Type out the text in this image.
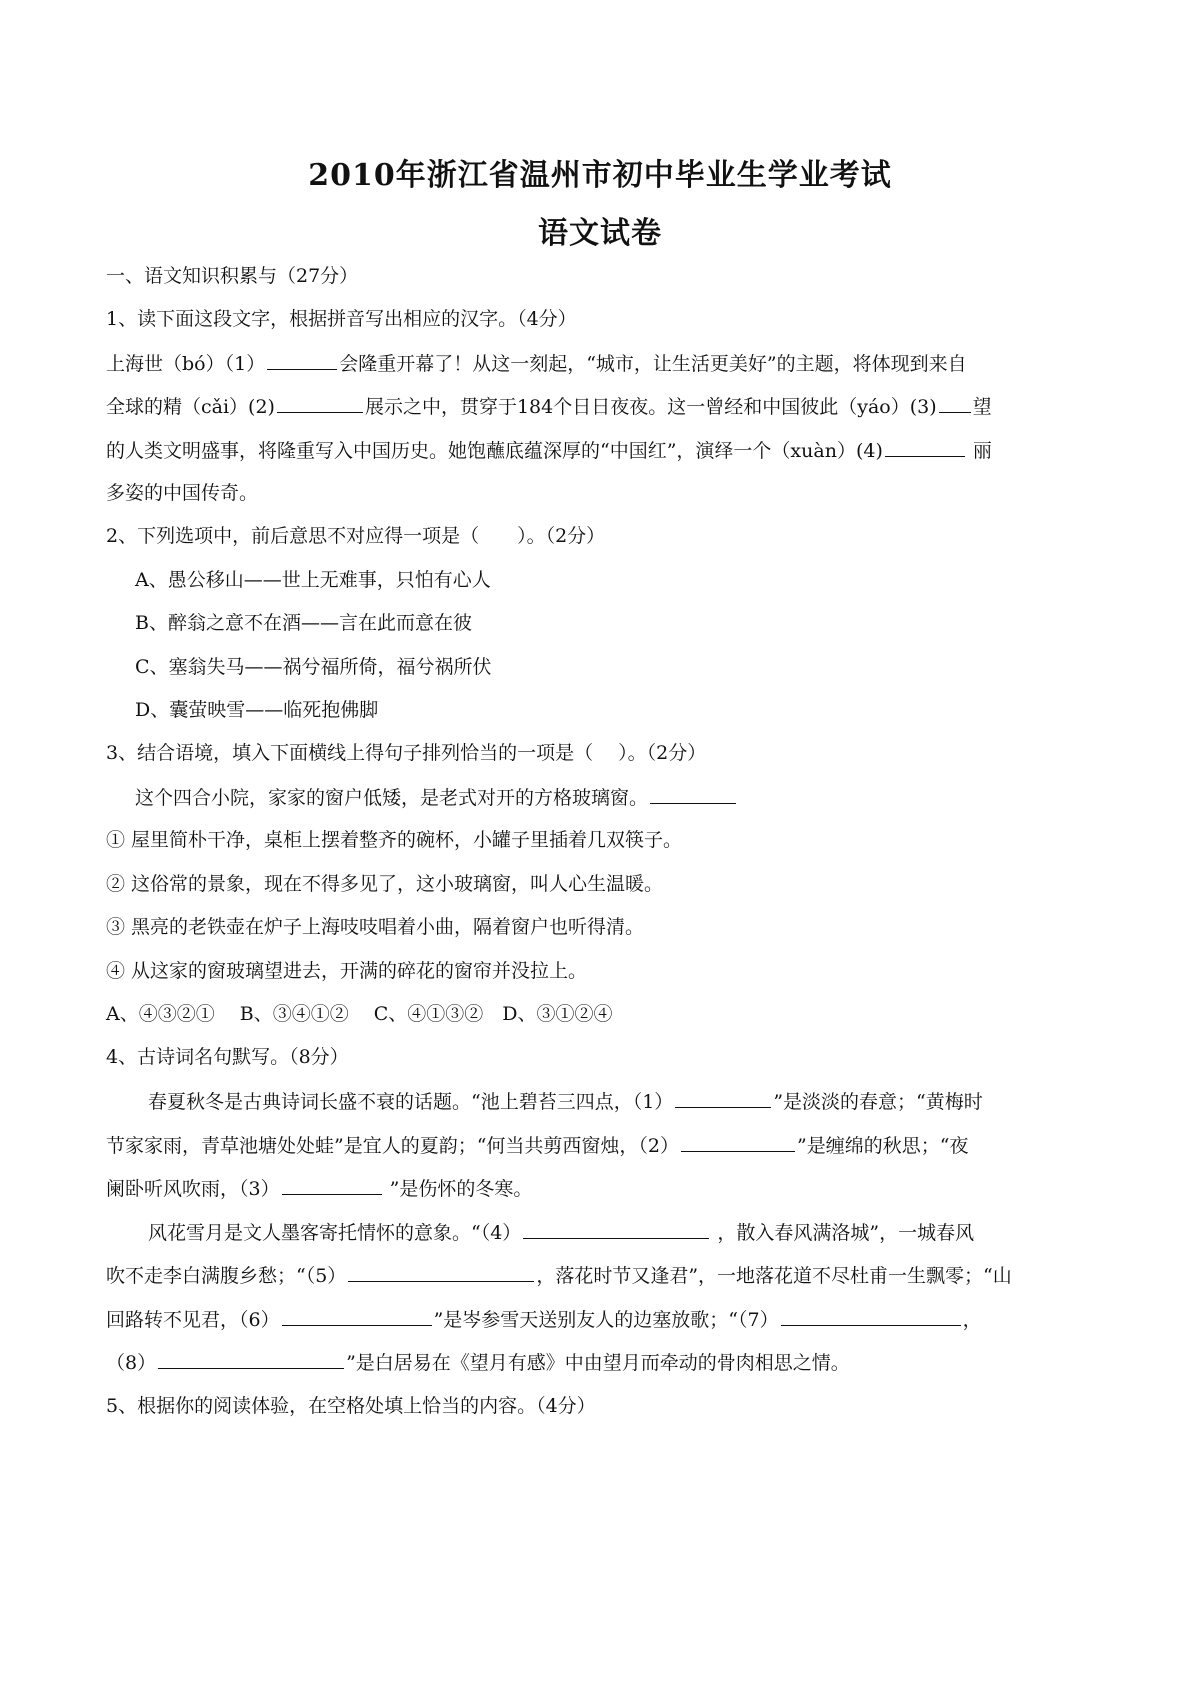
2010年浙江省温州市初中毕业生学业考试
语文试卷
一、语文知识积累与（27分）
1、读下面这段文字，根据拼音写出相应的汉字。（4分）
上海世（bó）（1）	会隆重开幕了！从这一刻起，“城市，让生活更美好”的主题，将体现到来自
全球的精（cǎi）(2)	展示之中，贯穿于184个日日夜夜。这一曾经和中国彼此（yáo）(3) 望
的人类文明盛事，将隆重写入中国历史。她饱蘸底蕴深厚的“中国红”，演绎一个（xuàn）(4)	丽
多姿的中国传奇。
2、下列选项中，前后意思不对应得一项是（　　）。（2分）
A、愚公移山——世上无难事，只怕有心人
B、醉翁之意不在酒——言在此而意在彼
C、塞翁失马——祸兮福所倚，福兮祸所伏
D、囊萤映雪——临死抱佛脚
3、结合语境，填入下面横线上得句子排列恰当的一项是（　 ）。（2分）
这个四合小院，家家的窗户低矮，是老式对开的方格玻璃窗。
① 屋里简朴干净，桌柜上摆着整齐的碗杯，小罐子里插着几双筷子。
② 这俗常的景象，现在不得多见了，这小玻璃窗，叫人心生温暖。
③ 黑亮的老铁壶在炉子上海吱吱唱着小曲，隔着窗户也听得清。
④ 从这家的窗玻璃望进去，开满的碎花的窗帘并没拉上。
A、④③②①　 B、③④①②　 C、④①③②　D、③①②④
4、古诗词名句默写。（8分）
春夏秋冬是古典诗词长盛不衰的话题。“池上碧苔三四点，（1）	”是淡淡的春意；“黄梅时
节家家雨，青草池塘处处蛙”是宜人的夏韵；“何当共剪西窗烛，（2）	”是缠绵的秋思；“夜
阑卧听风吹雨，（3）	”是伤怀的冬寒。
风花雪月是文人墨客寄托情怀的意象。“（4）	，散入春风满洛城”，一城春风
吹不走李白满腹乡愁；“（5）	，落花时节又逢君”，一地落花道不尽杜甫一生飘零；“山
回路转不见君，（6）	”是岑参雪天送别友人的边塞放歌；“（7）	，
（8）	”是白居易在《望月有感》中由望月而牵动的骨肉相思之情。
5、根据你的阅读体验，在空格处填上恰当的内容。（4分）
